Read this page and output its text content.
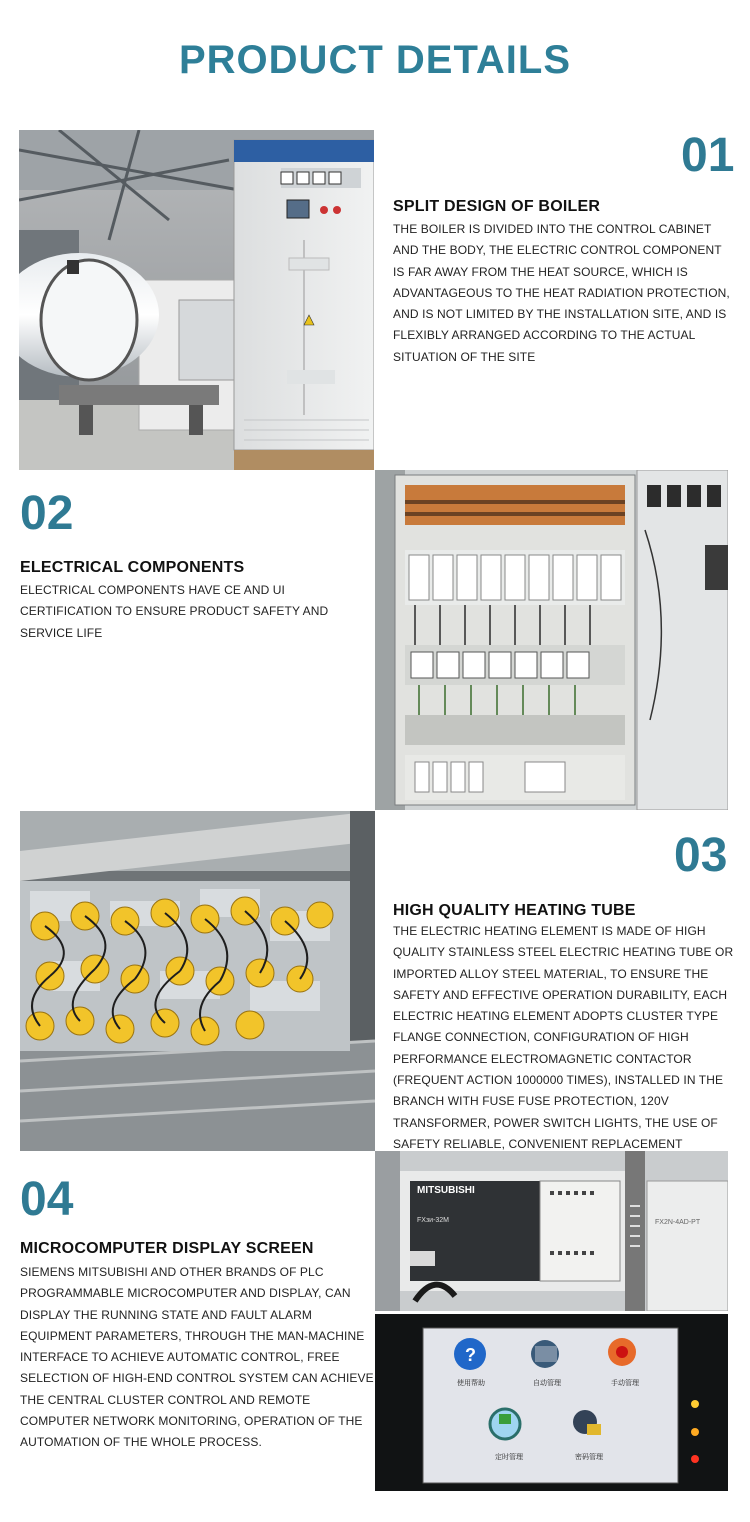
PRODUCT DETAILS
01
SPLIT DESIGN OF BOILER
THE BOILER IS DIVIDED INTO THE CONTROL CABINET AND THE BODY, THE ELECTRIC CONTROL COMPONENT IS FAR AWAY FROM THE HEAT SOURCE, WHICH IS ADVANTAGEOUS TO THE HEAT RADIATION PROTECTION, AND IS NOT LIMITED BY THE INSTALLATION SITE, AND IS FLEXIBLY ARRANGED ACCORDING TO THE ACTUAL SITUATION OF THE SITE
02
ELECTRICAL COMPONENTS
ELECTRICAL COMPONENTS HAVE CE AND UI CERTIFICATION TO ENSURE PRODUCT SAFETY AND SERVICE LIFE
03
HIGH QUALITY HEATING TUBE
THE ELECTRIC HEATING ELEMENT IS MADE OF HIGH QUALITY STAINLESS STEEL ELECTRIC HEATING TUBE OR IMPORTED ALLOY STEEL MATERIAL, TO ENSURE THE SAFETY AND EFFECTIVE OPERATION DURABILITY, EACH ELECTRIC HEATING ELEMENT ADOPTS CLUSTER TYPE FLANGE CONNECTION, CONFIGURATION OF HIGH PERFORMANCE ELECTROMAGNETIC CONTACTOR (FREQUENT ACTION 1000000 TIMES), INSTALLED IN THE BRANCH WITH FUSE FUSE PROTECTION, 120V TRANSFORMER, POWER SWITCH LIGHTS, THE USE OF SAFETY RELIABLE, CONVENIENT REPLACEMENT
MITSUBISHI
FXзи-32M	FX2N-4AD-PT
?
使用帮助	自动管理	手动管理
定时管理	密码管理
04
MICROCOMPUTER DISPLAY SCREEN
SIEMENS MITSUBISHI AND OTHER BRANDS OF PLC PROGRAMMABLE MICROCOMPUTER AND DISPLAY, CAN DISPLAY THE RUNNING STATE AND FAULT ALARM EQUIPMENT PARAMETERS, THROUGH THE MAN-MACHINE INTERFACE TO ACHIEVE AUTOMATIC CONTROL, FREE SELECTION OF HIGH-END CONTROL SYSTEM CAN ACHIEVE THE CENTRAL CLUSTER CONTROL AND REMOTE COMPUTER NETWORK MONITORING, OPERATION OF THE AUTOMATION OF THE WHOLE PROCESS.
